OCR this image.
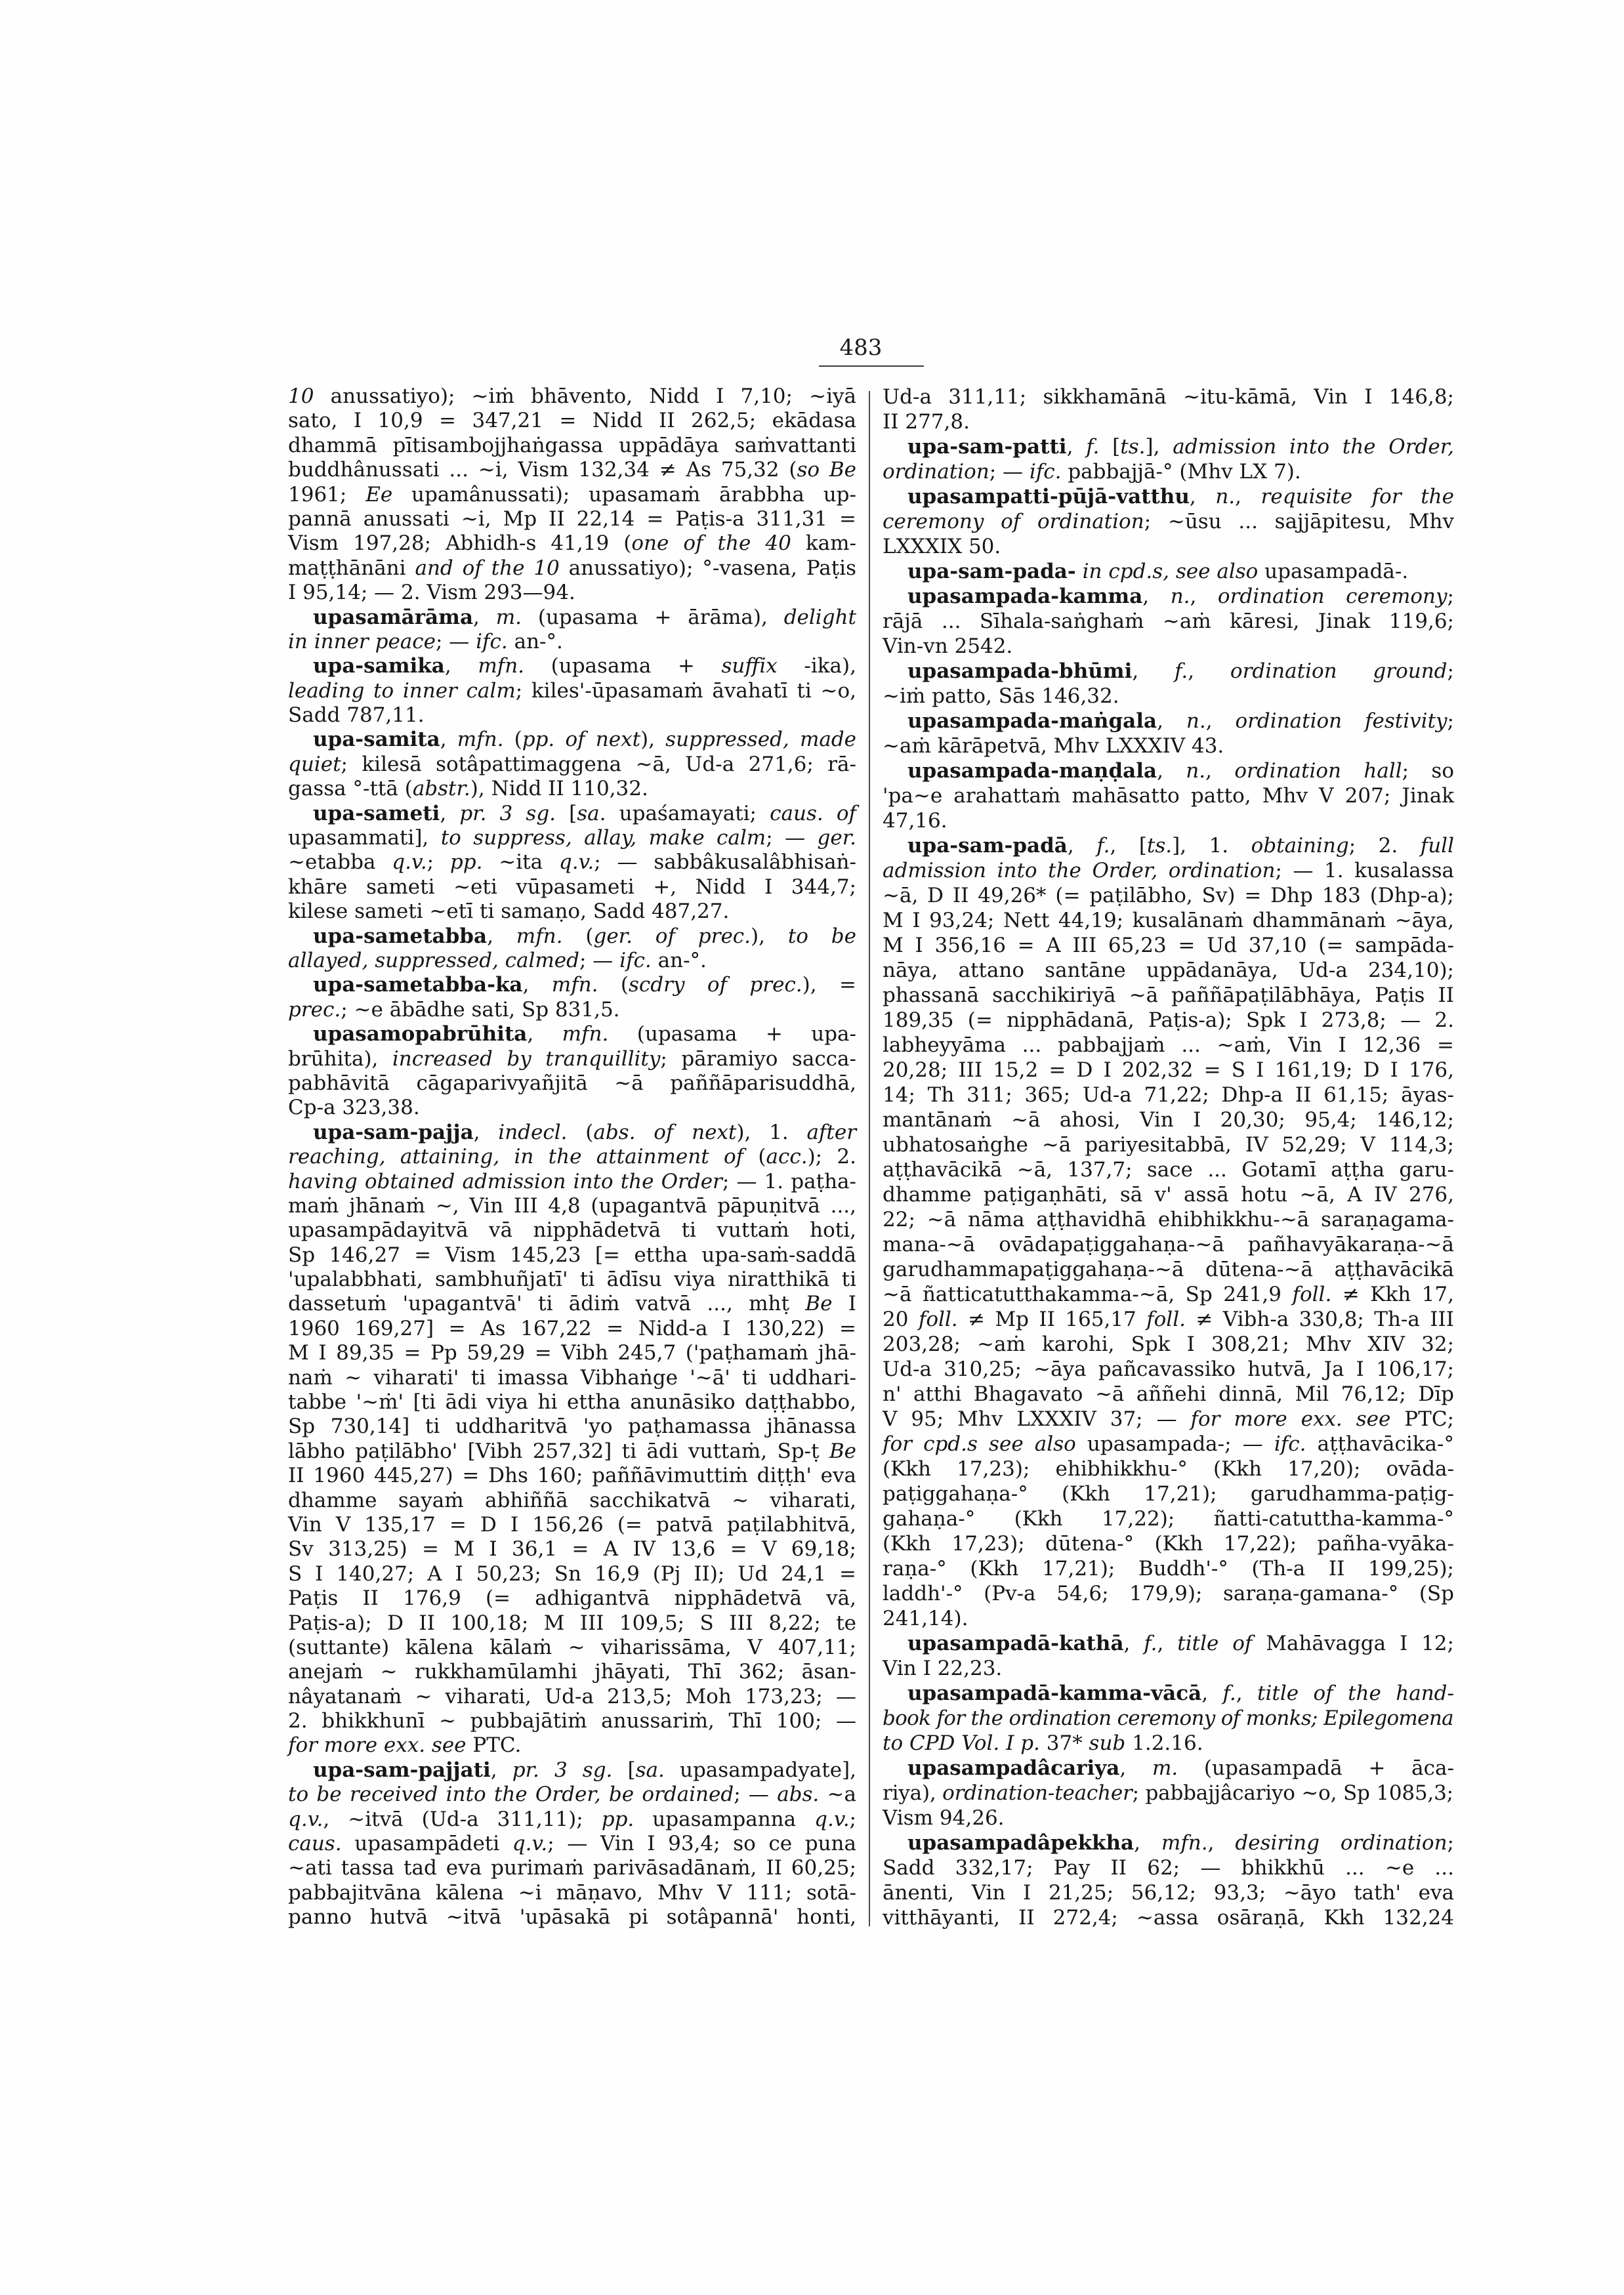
483
10 anussatiyo); ~iṁ bhāvento, Nidd I 7,10; ~iyā
sato, I 10,9 = 347,21 = Nidd II 262,5; ekādasa
dhammā pītisambojjhaṅgassa uppādāya saṁvattanti
buddhânussati ... ~i, Vism 132,34 ≠ As 75,32 (so Be
1961; Ee upamânussati); upasamaṁ ārabbha up-
pannā anussati ~i, Mp II 22,14 = Paṭis-a 311,31 =
Vism 197,28; Abhidh-s 41,19 (one of the 40 kam-
maṭṭhānāni and of the 10 anussatiyo); °-vasena, Paṭis
I 95,14; — 2. Vism 293—94.
upasamārāma, m. (upasama + ārāma), delight
in inner peace; — ifc. an-°.
upa-samika, mfn. (upasama + suffix -ika),
leading to inner calm; kiles'-ūpasamaṁ āvahatī ti ~o,
Sadd 787,11.
upa-samita, mfn. (pp. of next), suppressed, made
quiet; kilesā sotâpattimaggena ~ā, Ud-a 271,6; rā-
gassa °-ttā (abstr.), Nidd II 110,32.
upa-sameti, pr. 3 sg. [sa. upaśamayati; caus. of
upasammati], to suppress, allay, make calm; — ger.
~etabba q.v.; pp. ~ita q.v.; — sabbâkusalâbhisaṅ-
khāre sameti ~eti vūpasameti +, Nidd I 344,7;
kilese sameti ~etī ti samaṇo, Sadd 487,27.
upa-sametabba, mfn. (ger. of prec.), to be
allayed, suppressed, calmed; — ifc. an-°.
upa-sametabba-ka, mfn. (scdry of prec.), =
prec.; ~e ābādhe sati, Sp 831,5.
upasamopabrūhita, mfn. (upasama + upa-
brūhita), increased by tranquillity; pāramiyo sacca-
pabhāvitā cāgaparivyañjitā ~ā paññāparisuddhā,
Cp-a 323,38.
upa-sam-pajja, indecl. (abs. of next), 1. after
reaching, attaining, in the attainment of (acc.); 2.
having obtained admission into the Order; — 1. paṭha-
maṁ jhānaṁ ~, Vin III 4,8 (upagantvā pāpuṇitvā ...,
upasampādayitvā vā nipphādetvā ti vuttaṁ hoti,
Sp 146,27 = Vism 145,23 [= ettha upa-saṁ-saddā
'upalabbhati, sambhuñjatī' ti ādīsu viya niratthikā ti
dassetuṁ 'upagantvā' ti ādiṁ vatvā ..., mhṭ Be I
1960 169,27] = As 167,22 = Nidd-a I 130,22) =
M I 89,35 = Pp 59,29 = Vibh 245,7 ('paṭhamaṁ jhā-
naṁ ~ viharati' ti imassa Vibhaṅge '~ā' ti uddhari-
tabbe '~ṁ' [ti ādi viya hi ettha anunāsiko daṭṭhabbo,
Sp 730,14] ti uddharitvā 'yo paṭhamassa jhānassa
lābho paṭilābho' [Vibh 257,32] ti ādi vuttaṁ, Sp-ṭ Be
II 1960 445,27) = Dhs 160; paññāvimuttiṁ diṭṭh' eva
dhamme sayaṁ abhiññā sacchikatvā ~ viharati,
Vin V 135,17 = D I 156,26 (= patvā paṭilabhitvā,
Sv 313,25) = M I 36,1 = A IV 13,6 = V 69,18;
S I 140,27; A I 50,23; Sn 16,9 (Pj II); Ud 24,1 =
Paṭis II 176,9 (= adhigantvā nipphādetvā vā,
Paṭis-a); D II 100,18; M III 109,5; S III 8,22; te
(suttante) kālena kālaṁ ~ viharissāma, V 407,11;
anejaṁ ~ rukkhamūlamhi jhāyati, Thī 362; āsan-
nâyatanaṁ ~ viharati, Ud-a 213,5; Moh 173,23; —
2. bhikkhunī ~ pubbajātiṁ anussariṁ, Thī 100; —
for more exx. see PTC.
upa-sam-pajjati, pr. 3 sg. [sa. upasampadyate],
to be received into the Order, be ordained; — abs. ~a
q.v., ~itvā (Ud-a 311,11); pp. upasampanna q.v.;
caus. upasampādeti q.v.; — Vin I 93,4; so ce puna
~ati tassa tad eva purimaṁ parivāsadānaṁ, II 60,25;
pabbajitvāna kālena ~i māṇavo, Mhv V 111; sotā-
panno hutvā ~itvā 'upāsakā pi sotâpannā' honti,
Ud-a 311,11; sikkhamānā ~itu-kāmā, Vin I 146,8;
II 277,8.
upa-sam-patti, f. [ts.], admission into the Order,
ordination; — ifc. pabbajjā-° (Mhv LX 7).
upasampatti-pūjā-vatthu, n., requisite for the
ceremony of ordination; ~ūsu ... sajjāpitesu, Mhv
LXXXIX 50.
upa-sam-pada- in cpd.s, see also upasampadā-.
upasampada-kamma, n., ordination ceremony;
rājā ... Sīhala-saṅghaṁ ~aṁ kāresi, Jinak 119,6;
Vin-vn 2542.
upasampada-bhūmi, f., ordination ground;
~iṁ patto, Sās 146,32.
upasampada-maṅgala, n., ordination festivity;
~aṁ kārāpetvā, Mhv LXXXIV 43.
upasampada-maṇḍala, n., ordination hall; so
'pa~e arahattaṁ mahāsatto patto, Mhv V 207; Jinak
47,16.
upa-sam-padā, f., [ts.], 1. obtaining; 2. full
admission into the Order, ordination; — 1. kusalassa
~ā, D II 49,26* (= paṭilābho, Sv) = Dhp 183 (Dhp-a);
M I 93,24; Nett 44,19; kusalānaṁ dhammānaṁ ~āya,
M I 356,16 = A III 65,23 = Ud 37,10 (= sampāda-
nāya, attano santāne uppādanāya, Ud-a 234,10);
phassanā sacchikiriyā ~ā paññāpaṭilābhāya, Paṭis II
189,35 (= nipphādanā, Paṭis-a); Spk I 273,8; — 2.
labheyyāma ... pabbajjaṁ ... ~aṁ, Vin I 12,36 =
20,28; III 15,2 = D I 202,32 = S I 161,19; D I 176,
14; Th 311; 365; Ud-a 71,22; Dhp-a II 61,15; āyas-
mantānaṁ ~ā ahosi, Vin I 20,30; 95,4; 146,12;
ubhatosaṅghe ~ā pariyesitabbā, IV 52,29; V 114,3;
aṭṭhavācikā ~ā, 137,7; sace ... Gotamī aṭṭha garu-
dhamme paṭigaṇhāti, sā v' assā hotu ~ā, A IV 276,
22; ~ā nāma aṭṭhavidhā ehibhikkhu-~ā saraṇagama-
mana-~ā ovādapaṭiggahaṇa-~ā pañhavyākaraṇa-~ā
garudhammapaṭiggahaṇa-~ā dūtena-~ā aṭṭhavācikā
~ā ñatticatutthakamma-~ā, Sp 241,9 foll. ≠ Kkh 17,
20 foll. ≠ Mp II 165,17 foll. ≠ Vibh-a 330,8; Th-a III
203,28; ~aṁ karohi, Spk I 308,21; Mhv XIV 32;
Ud-a 310,25; ~āya pañcavassiko hutvā, Ja I 106,17;
n' atthi Bhagavato ~ā aññehi dinnā, Mil 76,12; Dīp
V 95; Mhv LXXXIV 37; — for more exx. see PTC;
for cpd.s see also upasampada-; — ifc. aṭṭhavācika-°
(Kkh 17,23); ehibhikkhu-° (Kkh 17,20); ovāda-
paṭiggahaṇa-° (Kkh 17,21); garudhamma-paṭig-
gahaṇa-° (Kkh 17,22); ñatti-catuttha-kamma-°
(Kkh 17,23); dūtena-° (Kkh 17,22); pañha-vyāka-
raṇa-° (Kkh 17,21); Buddh'-° (Th-a II 199,25);
laddh'-° (Pv-a 54,6; 179,9); saraṇa-gamana-° (Sp
241,14).
upasampadā-kathā, f., title of Mahāvagga I 12;
Vin I 22,23.
upasampadā-kamma-vācā, f., title of the hand-
book for the ordination ceremony of monks; Epilegomena
to CPD Vol. I p. 37* sub 1.2.16.
upasampadâcariya, m. (upasampadā + āca-
riya), ordination-teacher; pabbajjâcariyo ~o, Sp 1085,3;
Vism 94,26.
upasampadâpekkha, mfn., desiring ordination;
Sadd 332,17; Pay II 62; — bhikkhū ... ~e ...
ānenti, Vin I 21,25; 56,12; 93,3; ~āyo tath' eva
vitthāyanti, II 272,4; ~assa osāraṇā, Kkh 132,24
